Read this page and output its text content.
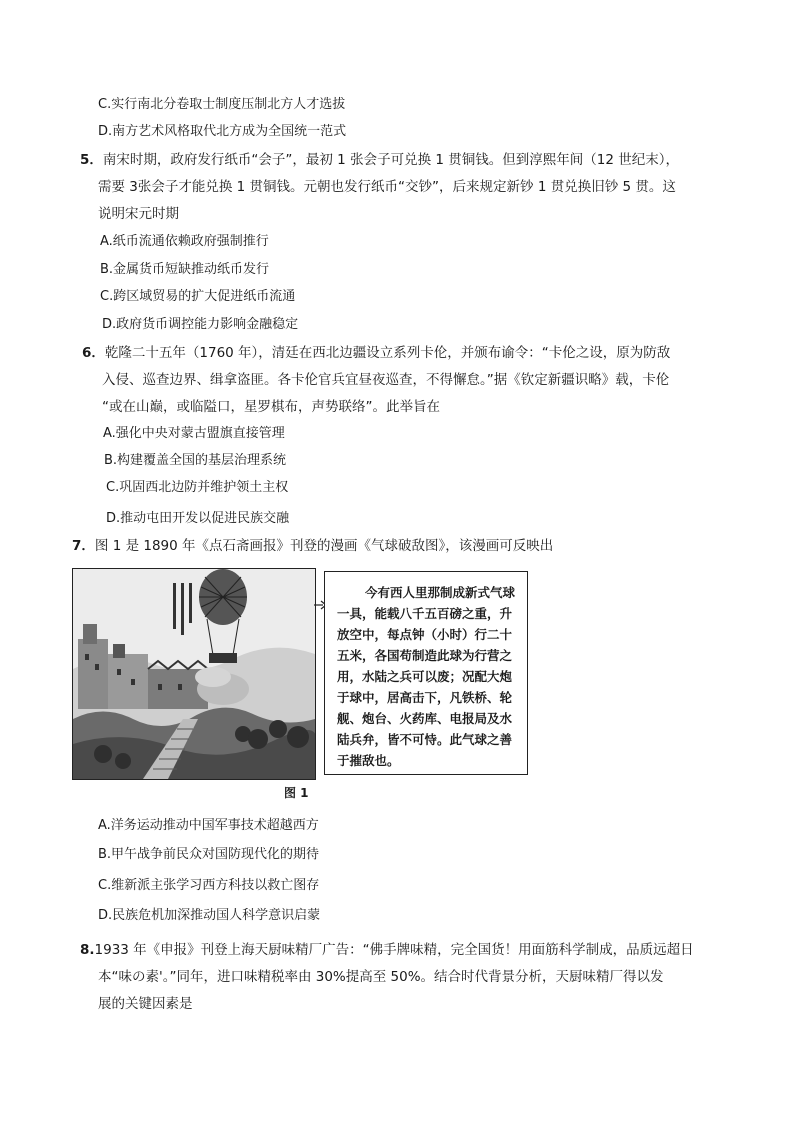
C.实行南北分卷取士制度压制北方人才选拔
D.南方艺术风格取代北方成为全国统一范式
5．南宋时期，政府发行纸币“会子”，最初 1 张会子可兑换 1 贯铜钱。但到淳熙年间（12 世纪末），
需要 3张会子才能兑换 1 贯铜钱。元朝也发行纸币“交钞”，后来规定新钞 1 贯兑换旧钞 5 贯。这
说明宋元时期
A.纸币流通依赖政府强制推行
B.金属货币短缺推动纸币发行
C.跨区域贸易的扩大促进纸币流通
D.政府货币调控能力影响金融稳定
6．乾隆二十五年（1760 年），清廷在西北边疆设立系列卡伦，并颁布谕令：“卡伦之设，原为防敌
入侵、巡查边界、缉拿盗匪。各卡伦官兵宜昼夜巡查，不得懈怠。”据《钦定新疆识略》载，卡伦
“或在山巅，或临隘口，星罗棋布，声势联络”。此举旨在
A.强化中央对蒙古盟旗直接管理
B.构建覆盖全国的基层治理系统
C.巩固西北边防并维护领土主权
D.推动屯田开发以促进民族交融
7．图 1 是 1890 年《点石斋画报》刊登的漫画《气球破敌图》，该漫画可反映出
今有西人里那制成新式气球
一具，能载八千五百磅之重，升
放空中，每点钟（小时）行二十
五米，各国苟制造此球为行营之
用，水陆之兵可以废；况配大炮
于球中，居高击下，凡铁桥、轮
舰、炮台、火药库、电报局及水
陆兵弁，皆不可恃。此气球之善
于摧敌也。
图 1
A.洋务运动推动中国军事技术超越西方
B.甲午战争前民众对国防现代化的期待
C.维新派主张学习西方科技以救亡图存
D.民族危机加深推动国人科学意识启蒙
8.1933 年《申报》刊登上海天厨味精厂广告：“佛手牌味精，完全国货！用面筋科学制成，品质远超日
本“味の素'。”同年，进口味精税率由 30%提高至 50%。结合时代背景分析，天厨味精厂得以发
展的关键因素是
